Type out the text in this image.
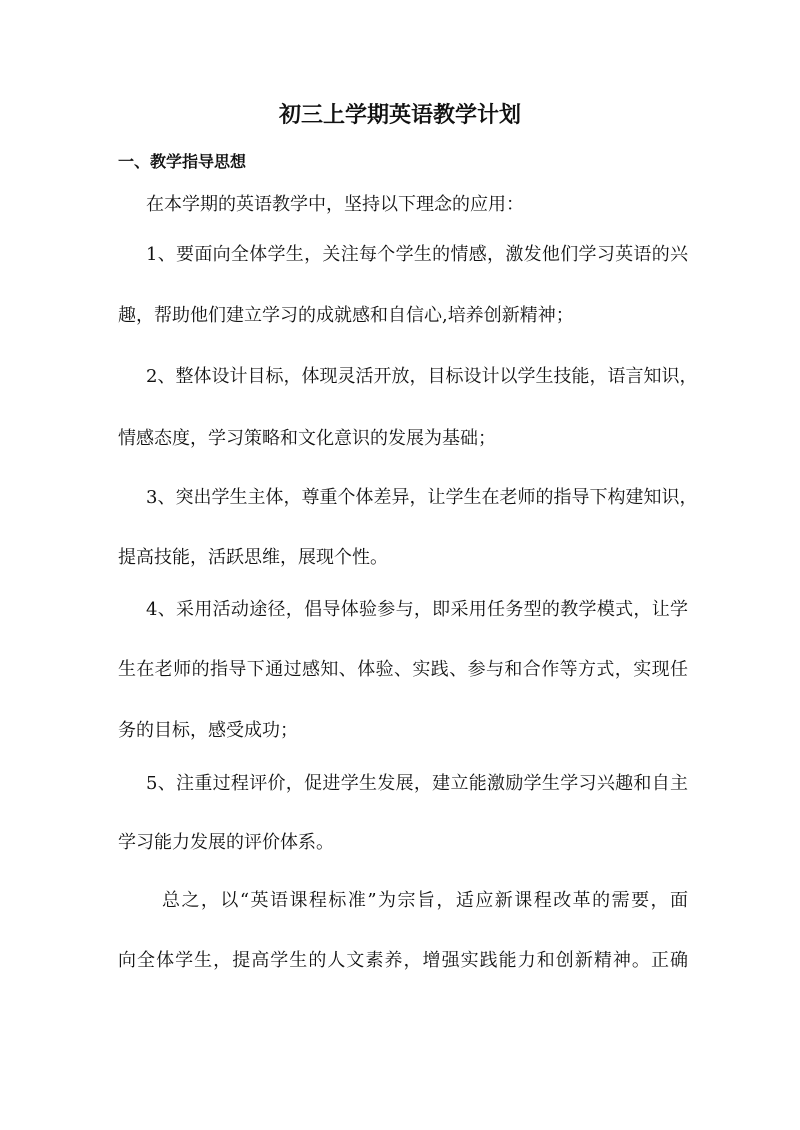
初三上学期英语教学计划
一、教学指导思想

在本学期的英语教学中，坚持以下理念的应用：

1、要面向全体学生，关注每个学生的情感，激发他们学习英语的兴

趣，帮助他们建立学习的成就感和自信心,培养创新精神；

2、整体设计目标，体现灵活开放，目标设计以学生技能，语言知识，

情感态度，学习策略和文化意识的发展为基础；

3、突出学生主体，尊重个体差异，让学生在老师的指导下构建知识，

提高技能，活跃思维，展现个性。

4、采用活动途径，倡导体验参与，即采用任务型的教学模式，让学

生在老师的指导下通过感知、体验、实践、参与和合作等方式，实现任

务的目标，感受成功；

5、注重过程评价，促进学生发展，建立能激励学生学习兴趣和自主

学习能力发展的评价体系。

总之，以“英语课程标准”为宗旨，适应新课程改革的需要，面

向全体学生，提高学生的人文素养，增强实践能力和创新精神。正确
